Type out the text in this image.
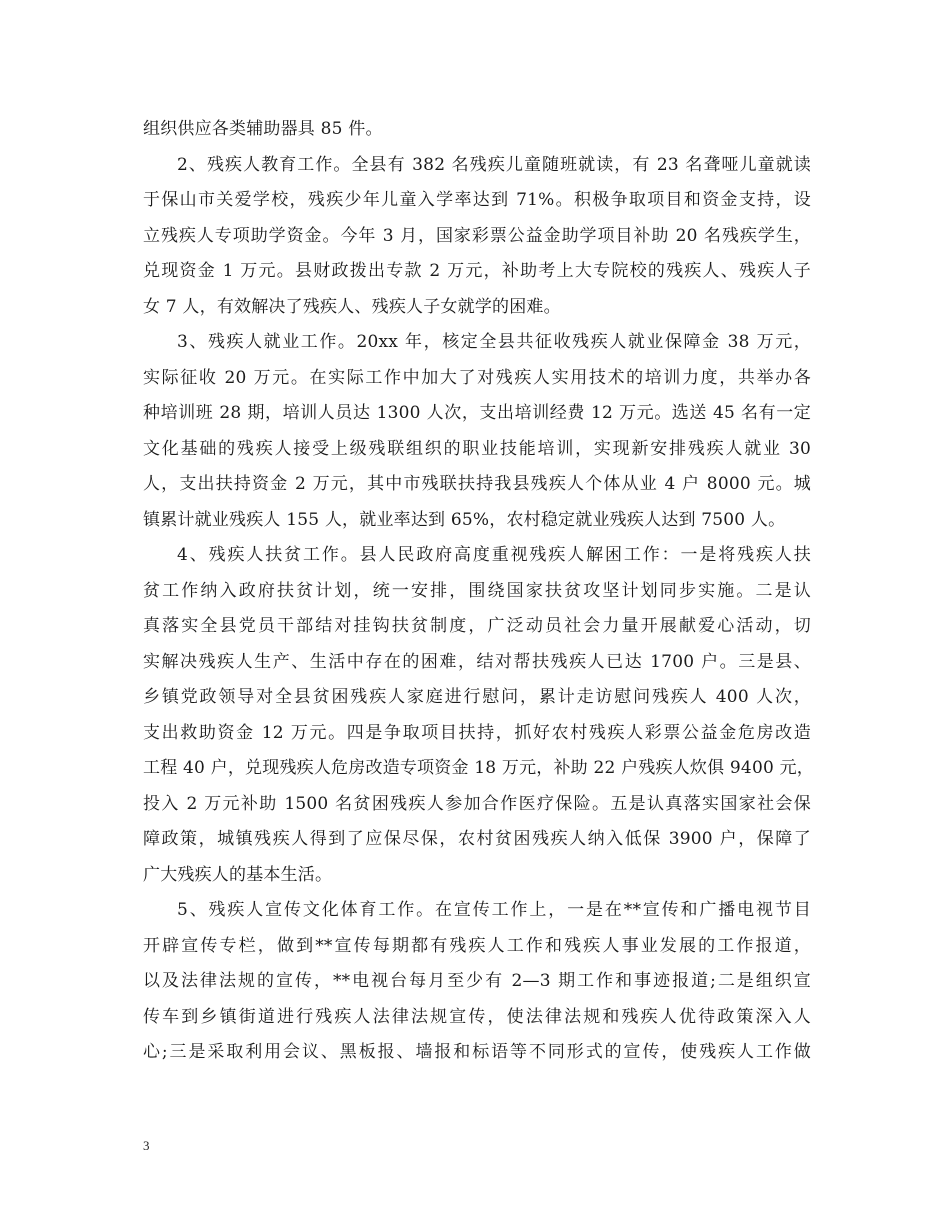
组织供应各类辅助器具 85 件。
2、残疾人教育工作。全县有 382 名残疾儿童随班就读，有 23 名聋哑儿童就读
于保山市关爱学校，残疾少年儿童入学率达到 71%。积极争取项目和资金支持，设
立残疾人专项助学资金。今年 3 月，国家彩票公益金助学项目补助 20 名残疾学生，
兑现资金 1 万元。县财政拨出专款 2 万元，补助考上大专院校的残疾人、残疾人子
女 7 人，有效解决了残疾人、残疾人子女就学的困难。
3、残疾人就业工作。20xx 年，核定全县共征收残疾人就业保障金 38 万元，
实际征收 20 万元。在实际工作中加大了对残疾人实用技术的培训力度，共举办各
种培训班 28 期，培训人员达 1300 人次，支出培训经费 12 万元。选送 45 名有一定
文化基础的残疾人接受上级残联组织的职业技能培训，实现新安排残疾人就业 30
人，支出扶持资金 2 万元，其中市残联扶持我县残疾人个体从业 4 户 8000 元。城
镇累计就业残疾人 155 人，就业率达到 65%，农村稳定就业残疾人达到 7500 人。
4、残疾人扶贫工作。县人民政府高度重视残疾人解困工作：一是将残疾人扶
贫工作纳入政府扶贫计划，统一安排，围绕国家扶贫攻坚计划同步实施。二是认
真落实全县党员干部结对挂钩扶贫制度，广泛动员社会力量开展献爱心活动，切
实解决残疾人生产、生活中存在的困难，结对帮扶残疾人已达 1700 户。三是县、
乡镇党政领导对全县贫困残疾人家庭进行慰问，累计走访慰问残疾人 400 人次，
支出救助资金 12 万元。四是争取项目扶持，抓好农村残疾人彩票公益金危房改造
工程 40 户，兑现残疾人危房改造专项资金 18 万元，补助 22 户残疾人炊俱 9400 元，
投入 2 万元补助 1500 名贫困残疾人参加合作医疗保险。五是认真落实国家社会保
障政策，城镇残疾人得到了应保尽保，农村贫困残疾人纳入低保 3900 户，保障了
广大残疾人的基本生活。
5、残疾人宣传文化体育工作。在宣传工作上，一是在**宣传和广播电视节目
开辟宣传专栏，做到**宣传每期都有残疾人工作和残疾人事业发展的工作报道，
以及法律法规的宣传，**电视台每月至少有 2—3 期工作和事迹报道;二是组织宣
传车到乡镇街道进行残疾人法律法规宣传，使法律法规和残疾人优待政策深入人
心;三是采取利用会议、黑板报、墙报和标语等不同形式的宣传，使残疾人工作做
3
